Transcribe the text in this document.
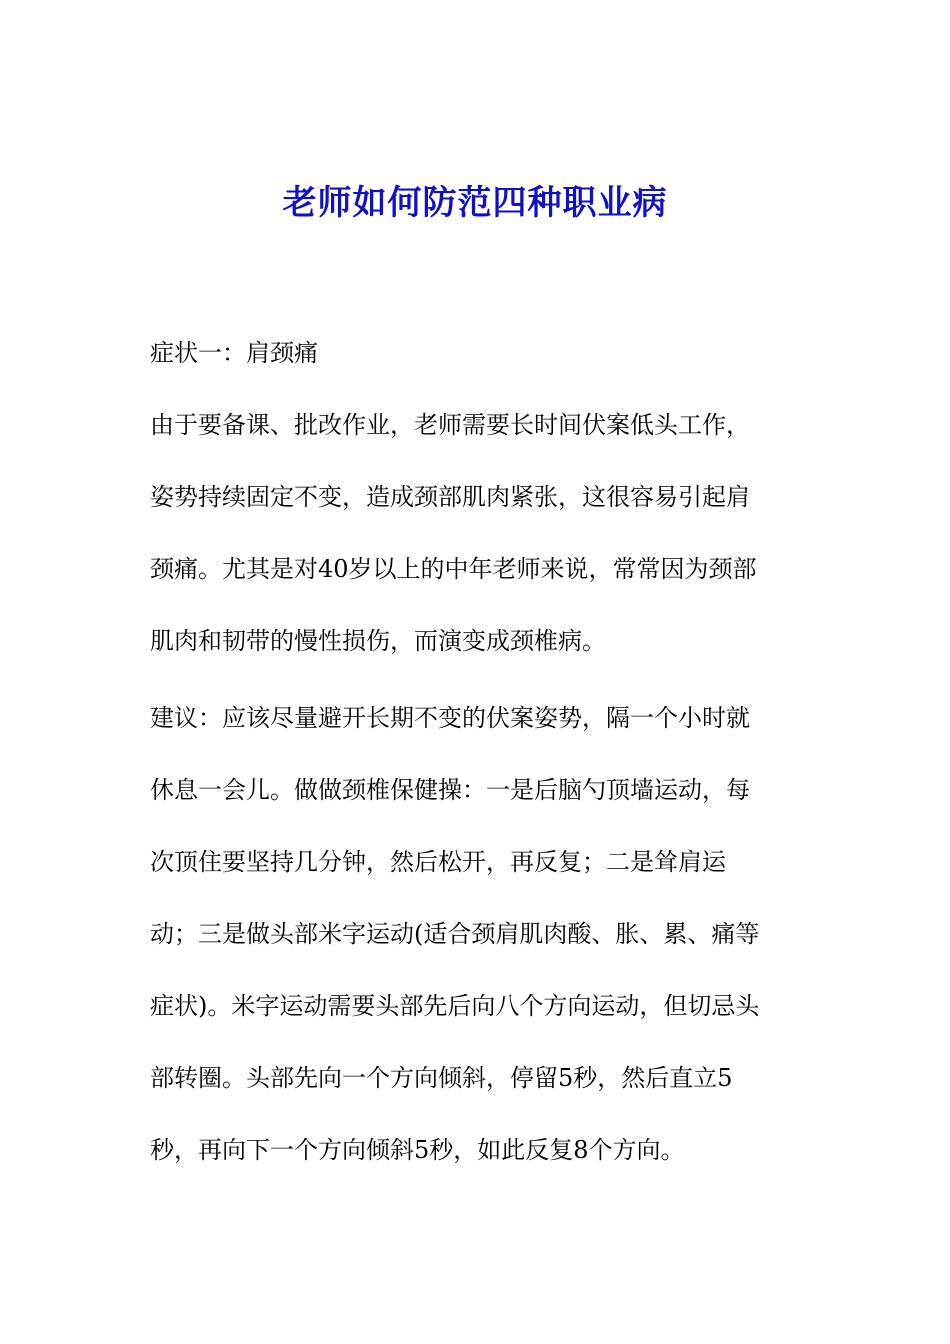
老师如何防范四种职业病
症状一：肩颈痛
由于要备课、批改作业，老师需要长时间伏案低头工作，
姿势持续固定不变，造成颈部肌肉紧张，这很容易引起肩
颈痛。尤其是对40岁以上的中年老师来说，常常因为颈部
肌肉和韧带的慢性损伤，而演变成颈椎病。
建议：应该尽量避开长期不变的伏案姿势，隔一个小时就
休息一会儿。做做颈椎保健操：一是后脑勺顶墙运动，每
次顶住要坚持几分钟，然后松开，再反复；二是耸肩运
动；三是做头部米字运动(适合颈肩肌肉酸、胀、累、痛等
症状)。米字运动需要头部先后向八个方向运动，但切忌头
部转圈。头部先向一个方向倾斜，停留5秒，然后直立5
秒，再向下一个方向倾斜5秒，如此反复8个方向。
